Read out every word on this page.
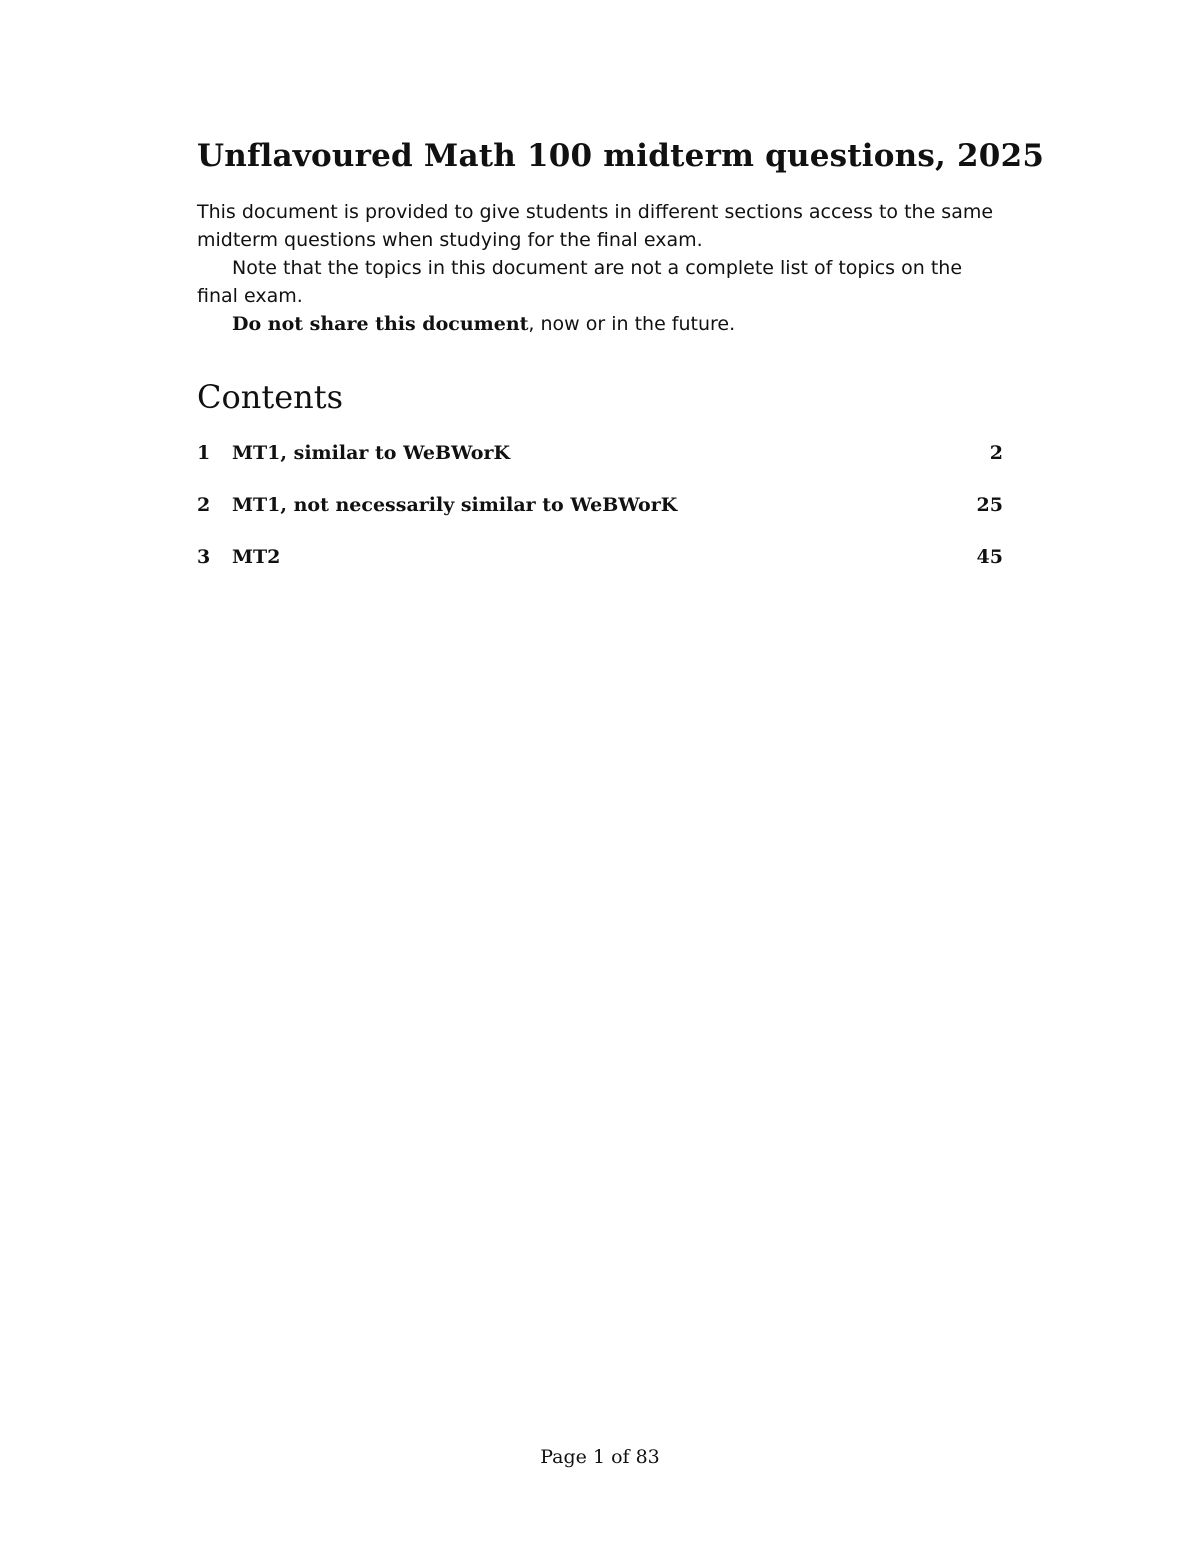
Unflavoured Math 100 midterm questions, 2025

This document is provided to give students in different sections access to the same midterm questions when studying for the final exam.

Note that the topics in this document are not a complete list of topics on the final exam.

Do not share this document, now or in the future.

Contents
1 MT1, similar to WeBWorK	2
2 MT1, not necessarily similar to WeBWorK	25
3 MT2	45
Page 1 of 83
